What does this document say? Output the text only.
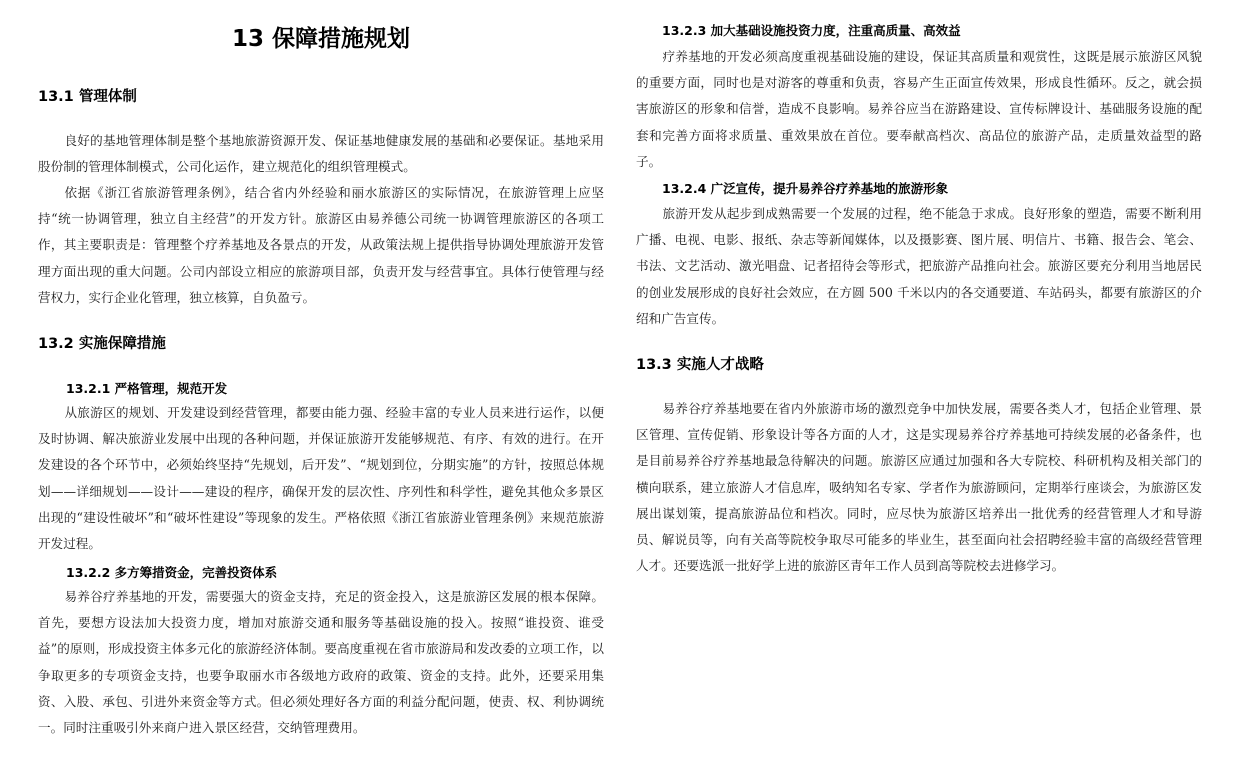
13 保障措施规划
13.1 管理体制

良好的基地管理体制是整个基地旅游资源开发、保证基地健康发展的基础和必要保证。基地采用股份制的管理体制模式，公司化运作，建立规范化的组织管理模式。

依据《浙江省旅游管理条例》，结合省内外经验和丽水旅游区的实际情况，在旅游管理上应坚持“统一协调管理，独立自主经营”的开发方针。旅游区由易养德公司统一协调管理旅游区的各项工作，其主要职责是：管理整个疗养基地及各景点的开发，从政策法规上提供指导协调处理旅游开发管理方面出现的重大问题。公司内部设立相应的旅游项目部，负责开发与经营事宜。具体行使管理与经营权力，实行企业化管理，独立核算，自负盈亏。

13.2 实施保障措施
13.2.1 严格管理，规范开发

从旅游区的规划、开发建设到经营管理，都要由能力强、经验丰富的专业人员来进行运作，以便及时协调、解决旅游业发展中出现的各种问题，并保证旅游开发能够规范、有序、有效的进行。在开发建设的各个环节中，必须始终坚持“先规划，后开发”、“规划到位，分期实施”的方针，按照总体规划——详细规划——设计——建设的程序，确保开发的层次性、序列性和科学性，避免其他众多景区出现的“建设性破坏”和“破坏性建设”等现象的发生。严格依照《浙江省旅游业管理条例》来规范旅游开发过程。

13.2.2 多方筹措资金，完善投资体系

易养谷疗养基地的开发，需要强大的资金支持，充足的资金投入，这是旅游区发展的根本保障。首先，要想方设法加大投资力度，增加对旅游交通和服务等基础设施的投入。按照“谁投资、谁受益”的原则，形成投资主体多元化的旅游经济体制。要高度重视在省市旅游局和发改委的立项工作，以争取更多的专项资金支持，也要争取丽水市各级地方政府的政策、资金的支持。此外，还要采用集资、入股、承包、引进外来资金等方式。但必须处理好各方面的利益分配问题，使责、权、利协调统一。同时注重吸引外来商户进入景区经营，交纳管理费用。

13.2.3 加大基础设施投资力度，注重高质量、高效益

疗养基地的开发必须高度重视基础设施的建设，保证其高质量和观赏性，这既是展示旅游区风貌的重要方面，同时也是对游客的尊重和负责，容易产生正面宣传效果，形成良性循环。反之，就会损害旅游区的形象和信誉，造成不良影响。易养谷应当在游路建设、宣传标牌设计、基础服务设施的配套和完善方面将求质量、重效果放在首位。要奉献高档次、高品位的旅游产品，走质量效益型的路子。

13.2.4 广泛宣传，提升易养谷疗养基地的旅游形象

旅游开发从起步到成熟需要一个发展的过程，绝不能急于求成。良好形象的塑造，需要不断利用广播、电视、电影、报纸、杂志等新闻媒体，以及摄影赛、图片展、明信片、书籍、报告会、笔会、书法、文艺活动、激光唱盘、记者招待会等形式，把旅游产品推向社会。旅游区要充分利用当地居民的创业发展形成的良好社会效应，在方圆 500 千米以内的各交通要道、车站码头，都要有旅游区的介绍和广告宣传。

13.3 实施人才战略

易养谷疗养基地要在省内外旅游市场的激烈竞争中加快发展，需要各类人才，包括企业管理、景区管理、宣传促销、形象设计等各方面的人才，这是实现易养谷疗养基地可持续发展的必备条件，也是目前易养谷疗养基地最急待解决的问题。旅游区应通过加强和各大专院校、科研机构及相关部门的横向联系，建立旅游人才信息库，吸纳知名专家、学者作为旅游顾问，定期举行座谈会，为旅游区发展出谋划策，提高旅游品位和档次。同时，应尽快为旅游区培养出一批优秀的经营管理人才和导游员、解说员等，向有关高等院校争取尽可能多的毕业生，甚至面向社会招聘经验丰富的高级经营管理人才。还要选派一批好学上进的旅游区青年工作人员到高等院校去进修学习。
